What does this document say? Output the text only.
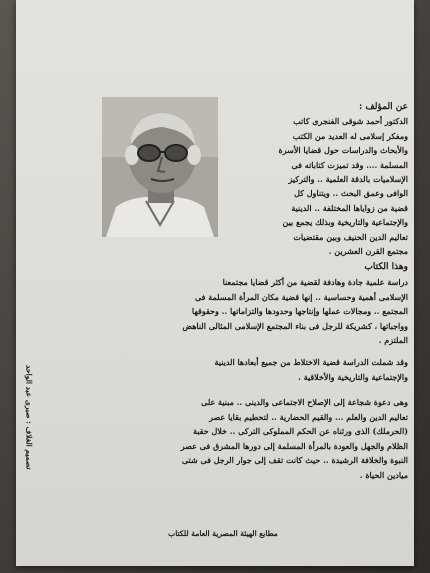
عن المؤلف :
الدكتور أحمد شوقى الفنجرى كاتب
ومفكر إسلامى له العديد من الكتب
والأبحاث والدراسات حول قضايا الأسرة
المسلمة .... وقد تميزت كتاباته فى
الإسلاميات بالدقة العلمية .. والتركيز
الوافى وعمق البحث .. ويتناول كل
قضية من زواياها المختلفة .. الدينية
والإجتماعية والتاريخية وبذلك يجمع بين
تعاليم الدين الحنيف وبين مقتضيات
مجتمع القرن العشرين .
وهذا الكتاب
دراسة علمية جادة وهادفة لقضية من أكثر قضايا مجتمعنا
الإسلامى أهمية وحساسية .. إنها قضية مكان المرأة المسلمة فى
المجتمع .. ومجالات عملها وإنتاجها وحدودها والتزاماتها .. وحقوقها
وواجباتها ، كشريكة للرجل فى بناء المجتمع الإسلامى المثالى الناهض
الملتزم .
وقد شملت الدراسة قضية الاختلاط من جميع أبعادها الدينية
والإجتماعية والتاريخية والأخلاقية .
وهى دعوة شجاعة إلى الإصلاح الاجتماعى والدينى .. مبنية على
تعاليم الدين والعلم ... والقيم الحضارية .. لتحطيم بقايا عصر
(الحرملك) الذى ورثناه عن الحكم المملوكى التركى .. خلال حقبة
الظلام والجهل والعودة بالمرأة المسلمة إلى دورها المشرق فى عصر
النبوة والخلافة الرشيدة .. حيث كانت تقف إلى جوار الرجل فى شتى
ميادين الحياة .
تصميم الغلاف : صبرى عبد الواحد
مطابع الهيئة المصرية العامة للكتاب
